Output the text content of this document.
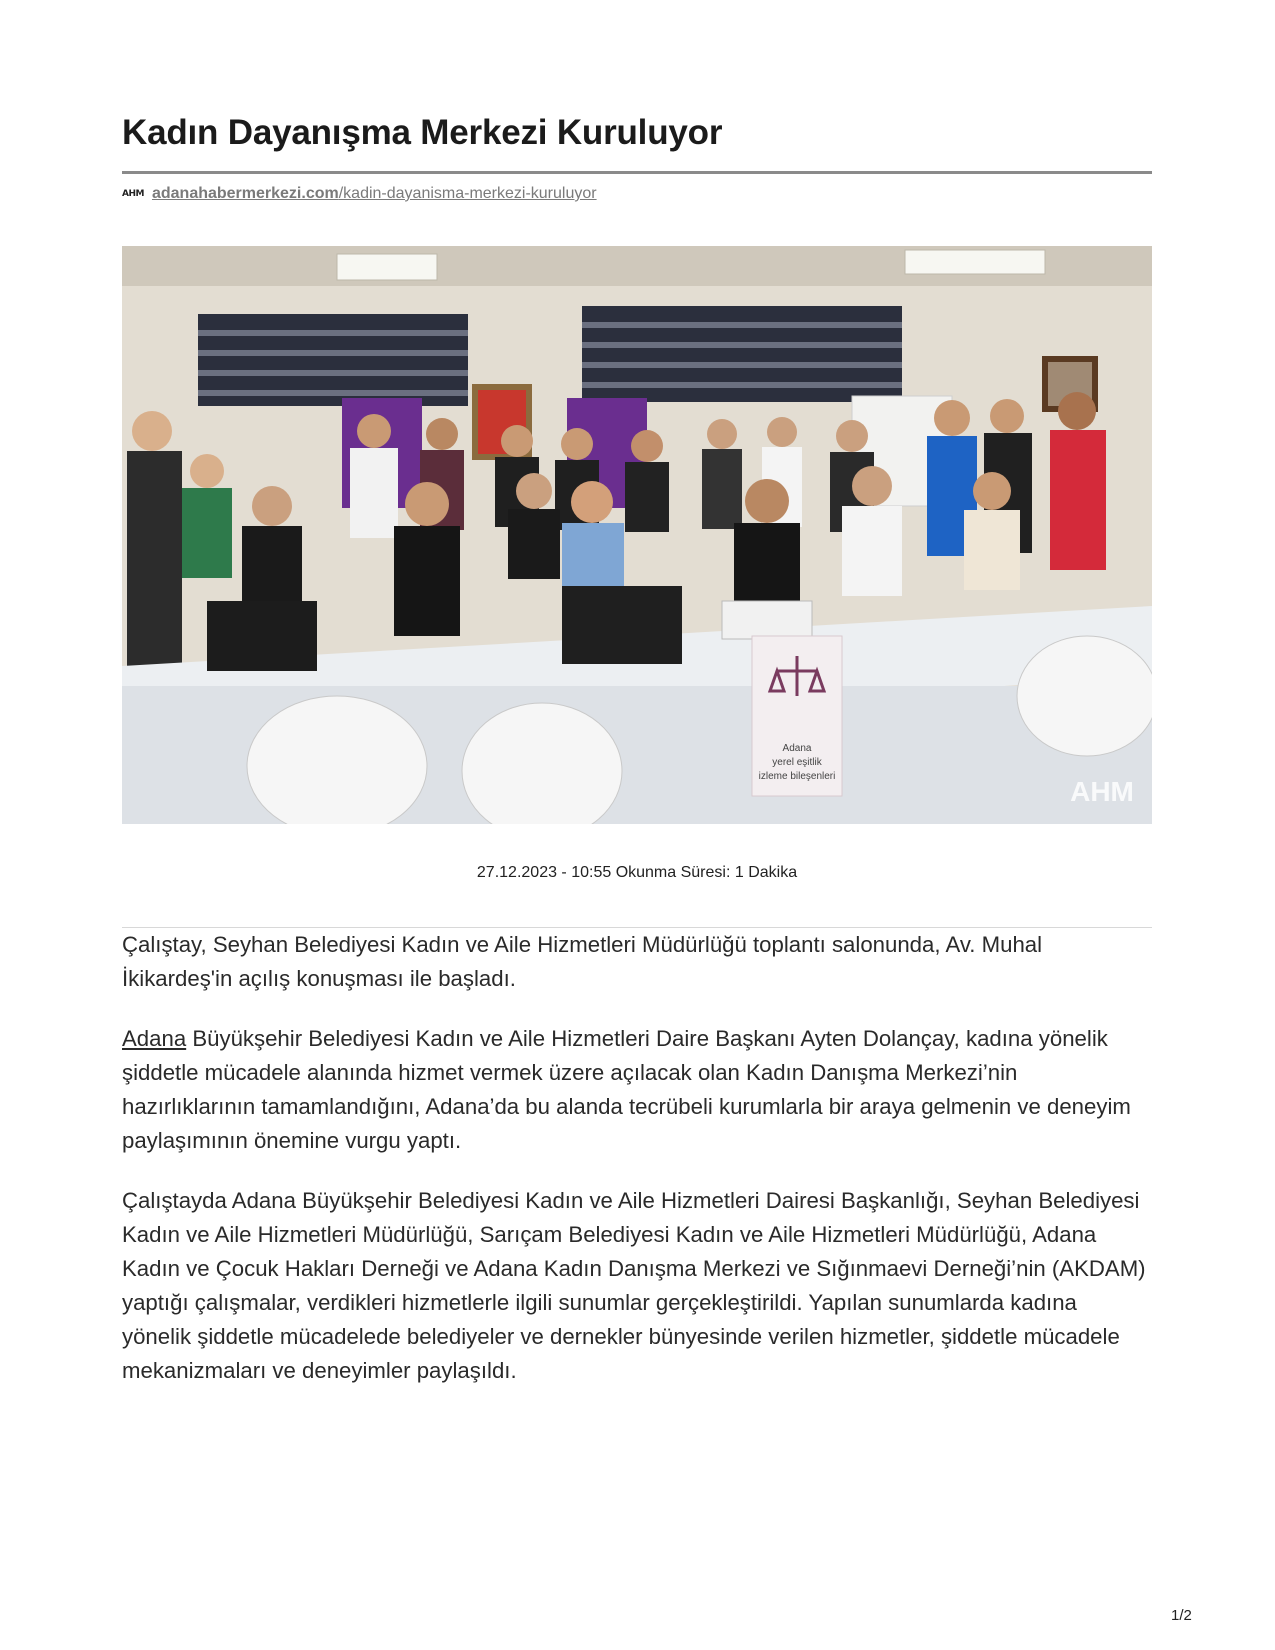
Kadın Dayanışma Merkezi Kuruluyor
AHM adanahabermerkezi.com/kadin-dayanisma-merkezi-kuruluyor
Adana
yerel eşitlik
izleme bileşenleri	AHM
27.12.2023 - 10:55 Okunma Süresi: 1 Dakika

Çalıştay, Seyhan Belediyesi Kadın ve Aile Hizmetleri Müdürlüğü toplantı salonunda, Av. Muhal İkikardeş'in açılış konuşması ile başladı.

Adana Büyükşehir Belediyesi Kadın ve Aile Hizmetleri Daire Başkanı Ayten Dolançay, kadına yönelik şiddetle mücadele alanında hizmet vermek üzere açılacak olan Kadın Danışma Merkezi’nin hazırlıklarının tamamlandığını, Adana’da bu alanda tecrübeli kurumlarla bir araya gelmenin ve deneyim paylaşımının önemine vurgu yaptı.

Çalıştayda Adana Büyükşehir Belediyesi Kadın ve Aile Hizmetleri Dairesi Başkanlığı, Seyhan Belediyesi Kadın ve Aile Hizmetleri Müdürlüğü, Sarıçam Belediyesi Kadın ve Aile Hizmetleri Müdürlüğü, Adana Kadın ve Çocuk Hakları Derneği ve Adana Kadın Danışma Merkezi ve Sığınmaevi Derneği’nin (AKDAM) yaptığı çalışmalar, verdikleri hizmetlerle ilgili sunumlar gerçekleştirildi. Yapılan sunumlarda kadına yönelik şiddetle mücadelede belediyeler ve dernekler bünyesinde verilen hizmetler, şiddetle mücadele mekanizmaları ve deneyimler paylaşıldı.

1/2
